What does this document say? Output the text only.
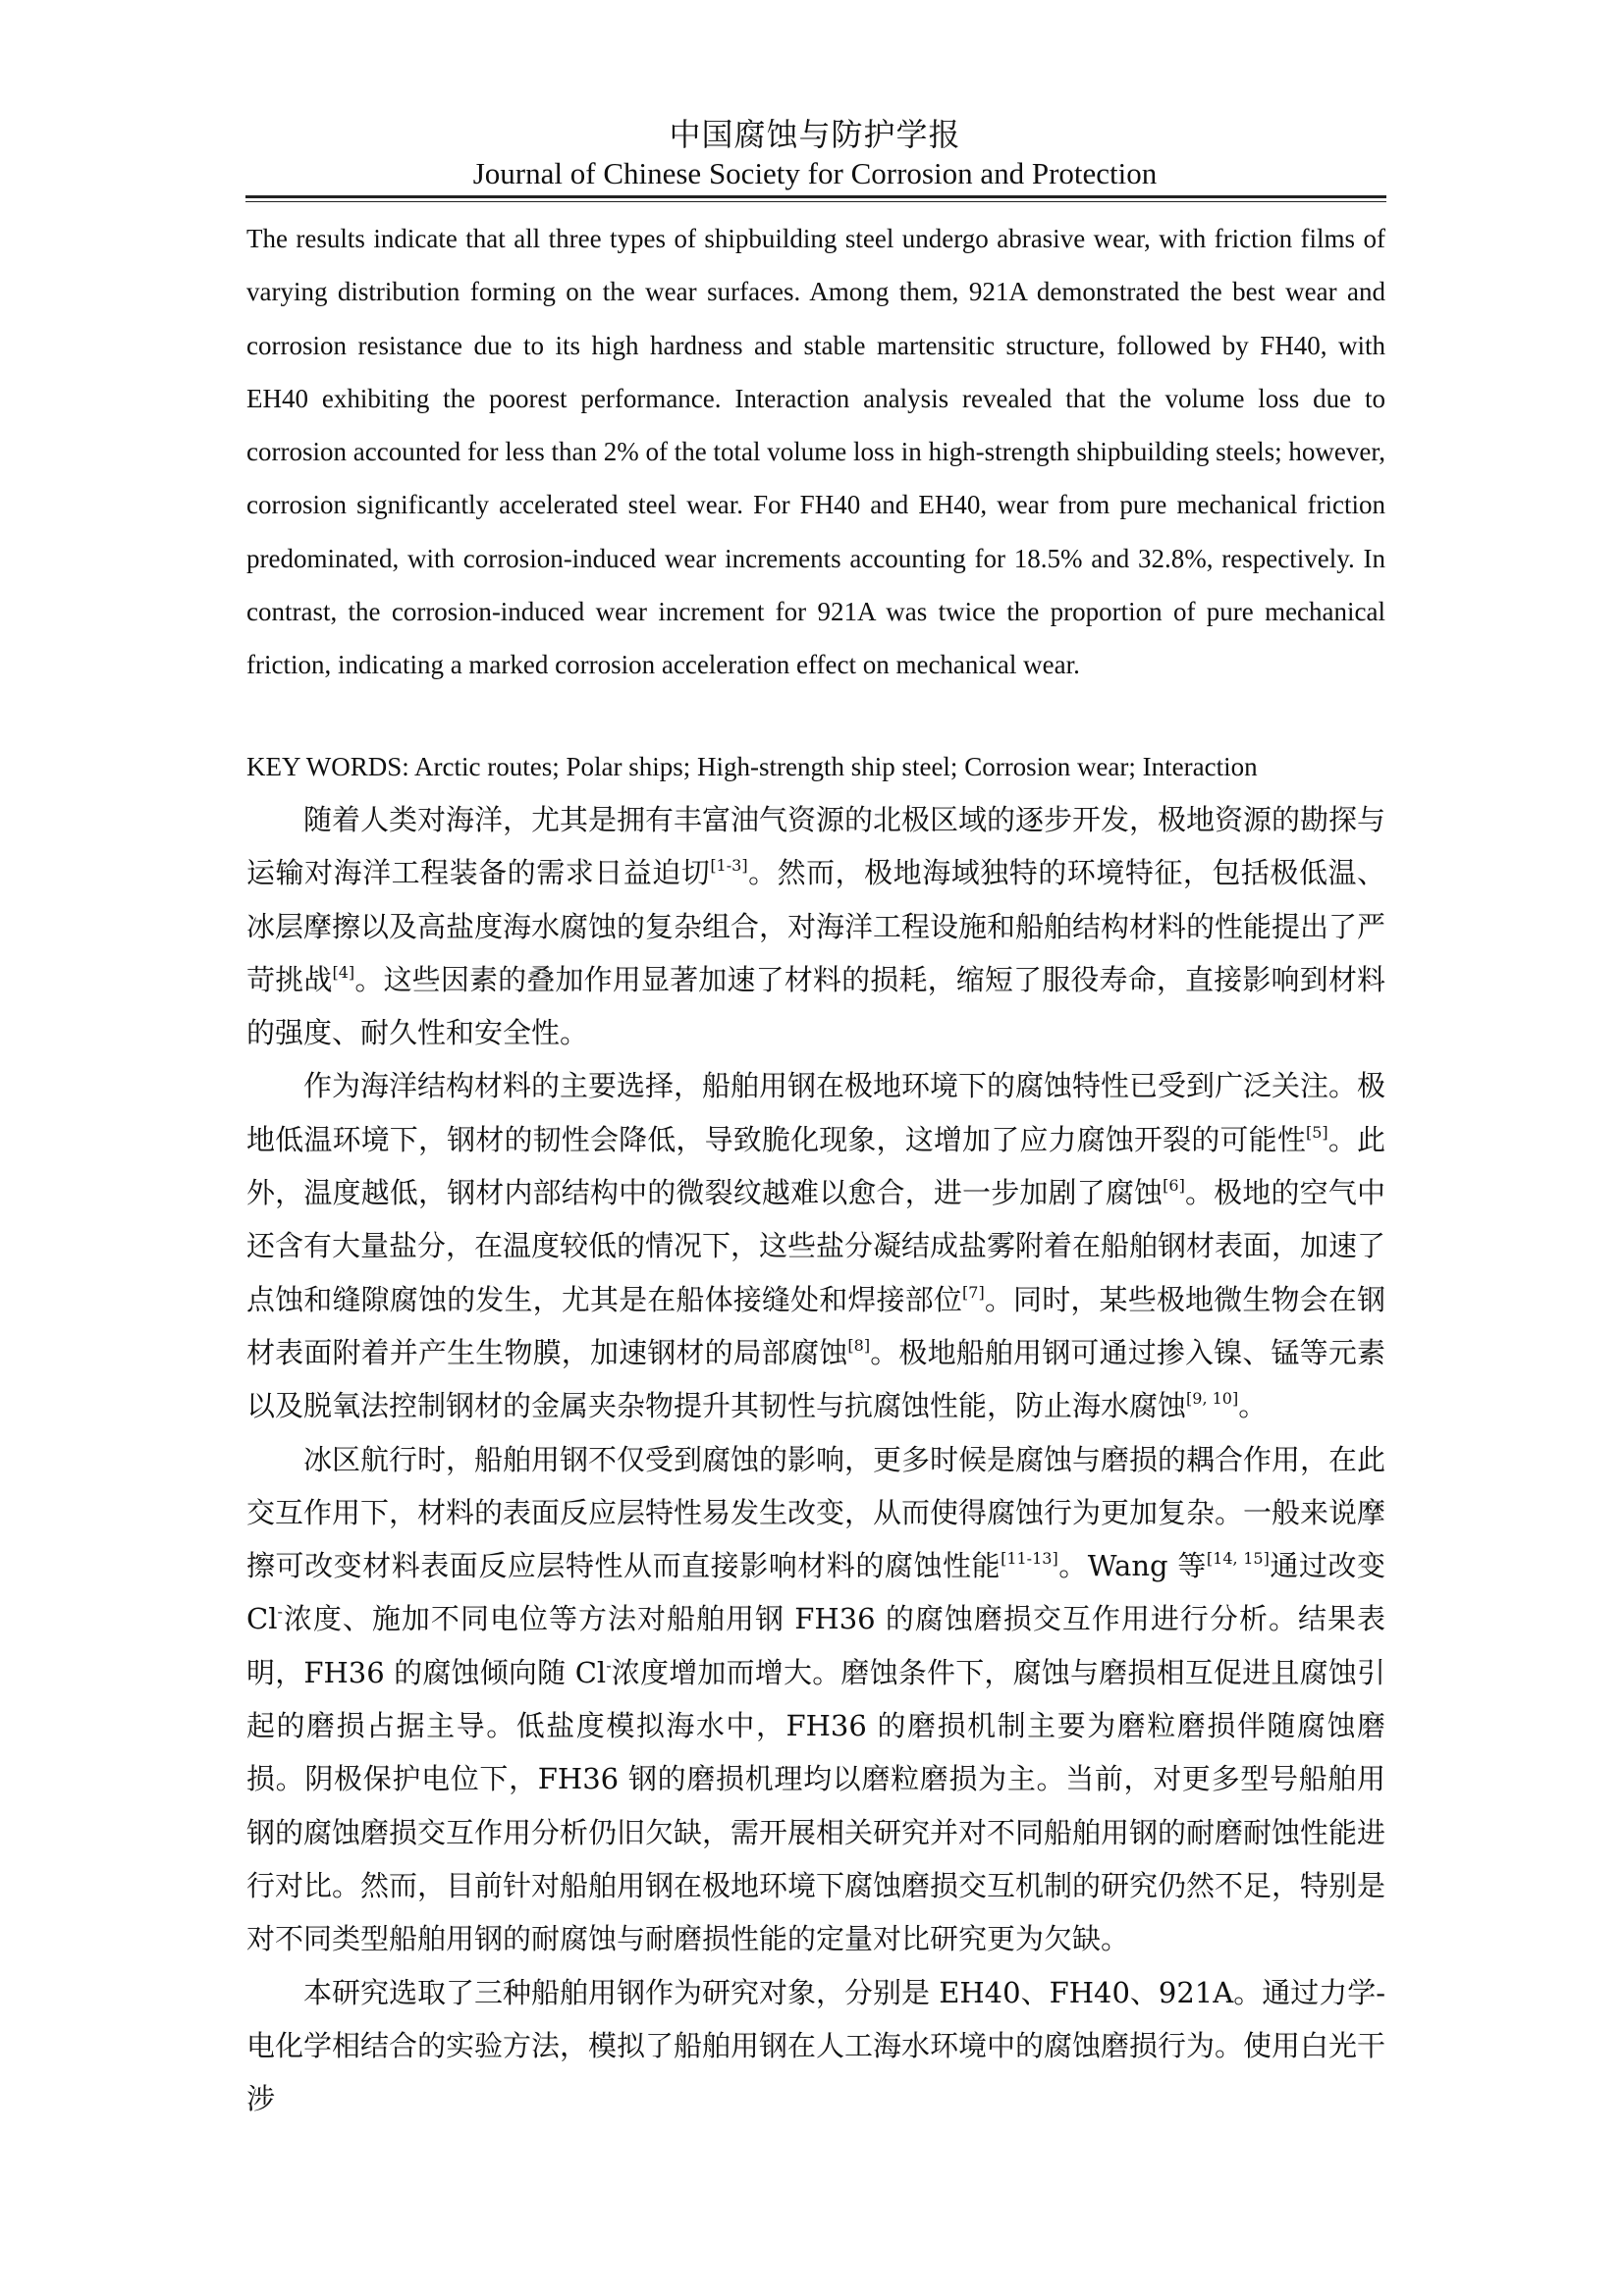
中国腐蚀与防护学报
Journal of Chinese Society for Corrosion and Protection
The results indicate that all three types of shipbuilding steel undergo abrasive wear, with friction films of varying distribution forming on the wear surfaces. Among them, 921A demonstrated the best wear and corrosion resistance due to its high hardness and stable martensitic structure, followed by FH40, with EH40 exhibiting the poorest performance. Interaction analysis revealed that the volume loss due to corrosion accounted for less than 2% of the total volume loss in high-strength shipbuilding steels; however, corrosion significantly accelerated steel wear. For FH40 and EH40, wear from pure mechanical friction predominated, with corrosion-induced wear increments accounting for 18.5% and 32.8%, respectively. In contrast, the corrosion-induced wear increment for 921A was twice the proportion of pure mechanical friction, indicating a marked corrosion acceleration effect on mechanical wear.
KEY WORDS: Arctic routes; Polar ships; High-strength ship steel; Corrosion wear; Interaction

随着人类对海洋，尤其是拥有丰富油气资源的北极区域的逐步开发，极地资源的勘探与运输对海洋工程装备的需求日益迫切[1-3]。然而，极地海域独特的环境特征，包括极低温、冰层摩擦以及高盐度海水腐蚀的复杂组合，对海洋工程设施和船舶结构材料的性能提出了严苛挑战[4]。这些因素的叠加作用显著加速了材料的损耗，缩短了服役寿命，直接影响到材料的强度、耐久性和安全性。

作为海洋结构材料的主要选择，船舶用钢在极地环境下的腐蚀特性已受到广泛关注。极地低温环境下，钢材的韧性会降低，导致脆化现象，这增加了应力腐蚀开裂的可能性[5]。此外，温度越低，钢材内部结构中的微裂纹越难以愈合，进一步加剧了腐蚀[6]。极地的空气中还含有大量盐分，在温度较低的情况下，这些盐分凝结成盐雾附着在船舶钢材表面，加速了点蚀和缝隙腐蚀的发生，尤其是在船体接缝处和焊接部位[7]。同时，某些极地微生物会在钢材表面附着并产生生物膜，加速钢材的局部腐蚀[8]。极地船舶用钢可通过掺入镍、锰等元素以及脱氧法控制钢材的金属夹杂物提升其韧性与抗腐蚀性能，防止海水腐蚀[9, 10]。

冰区航行时，船舶用钢不仅受到腐蚀的影响，更多时候是腐蚀与磨损的耦合作用，在此交互作用下，材料的表面反应层特性易发生改变，从而使得腐蚀行为更加复杂。一般来说摩擦可改变材料表面反应层特性从而直接影响材料的腐蚀性能[11-13]。Wang 等[14, 15]通过改变 Cl-浓度、施加不同电位等方法对船舶用钢 FH36 的腐蚀磨损交互作用进行分析。结果表明，FH36 的腐蚀倾向随 Cl-浓度增加而增大。磨蚀条件下，腐蚀与磨损相互促进且腐蚀引起的磨损占据主导。低盐度模拟海水中，FH36 的磨损机制主要为磨粒磨损伴随腐蚀磨损。阴极保护电位下，FH36 钢的磨损机理均以磨粒磨损为主。当前，对更多型号船舶用钢的腐蚀磨损交互作用分析仍旧欠缺，需开展相关研究并对不同船舶用钢的耐磨耐蚀性能进行对比。然而，目前针对船舶用钢在极地环境下腐蚀磨损交互机制的研究仍然不足，特别是对不同类型船舶用钢的耐腐蚀与耐磨损性能的定量对比研究更为欠缺。

本研究选取了三种船舶用钢作为研究对象，分别是 EH40、FH40、921A。通过力学-电化学相结合的实验方法，模拟了船舶用钢在人工海水环境中的腐蚀磨损行为。使用白光干涉
